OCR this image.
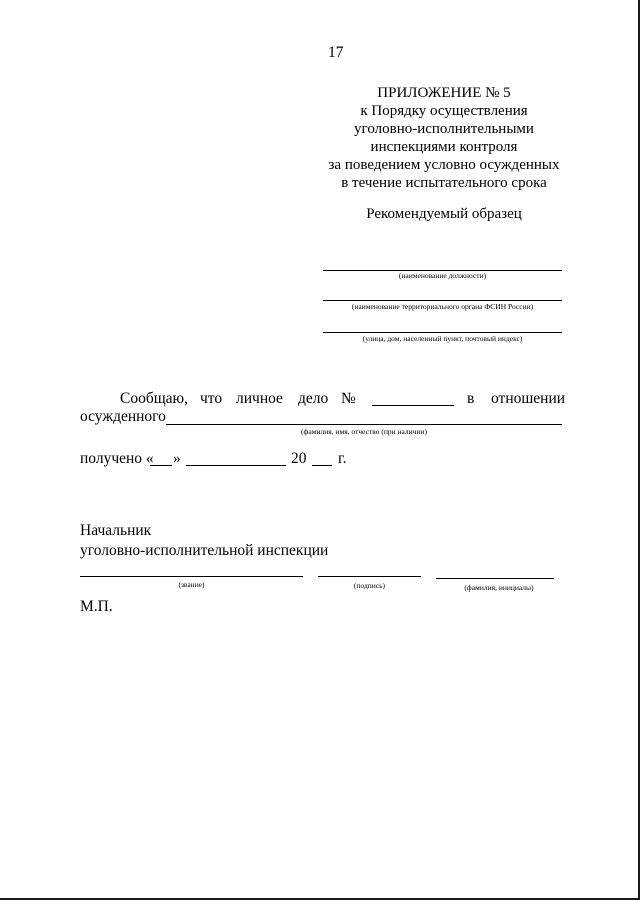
17
ПРИЛОЖЕНИЕ № 5
к Порядку осуществления
уголовно-исполнительными
инспекциями контроля
за поведением условно осужденных
в течение испытательного срока
Рекомендуемый образец
(наименование должности)
(наименование территориального органа ФСИН России)
(улица, дом, населенный пункт, почтовый индекс)
Сообщаю, что личное дело №	в отношении
осужденного
(фамилия, имя, отчество (при наличии)
получено « »	20 г.
Начальник
уголовно-исполнительной инспекции
(звание)	(подпись)	(фамилия, инициалы)
М.П.
